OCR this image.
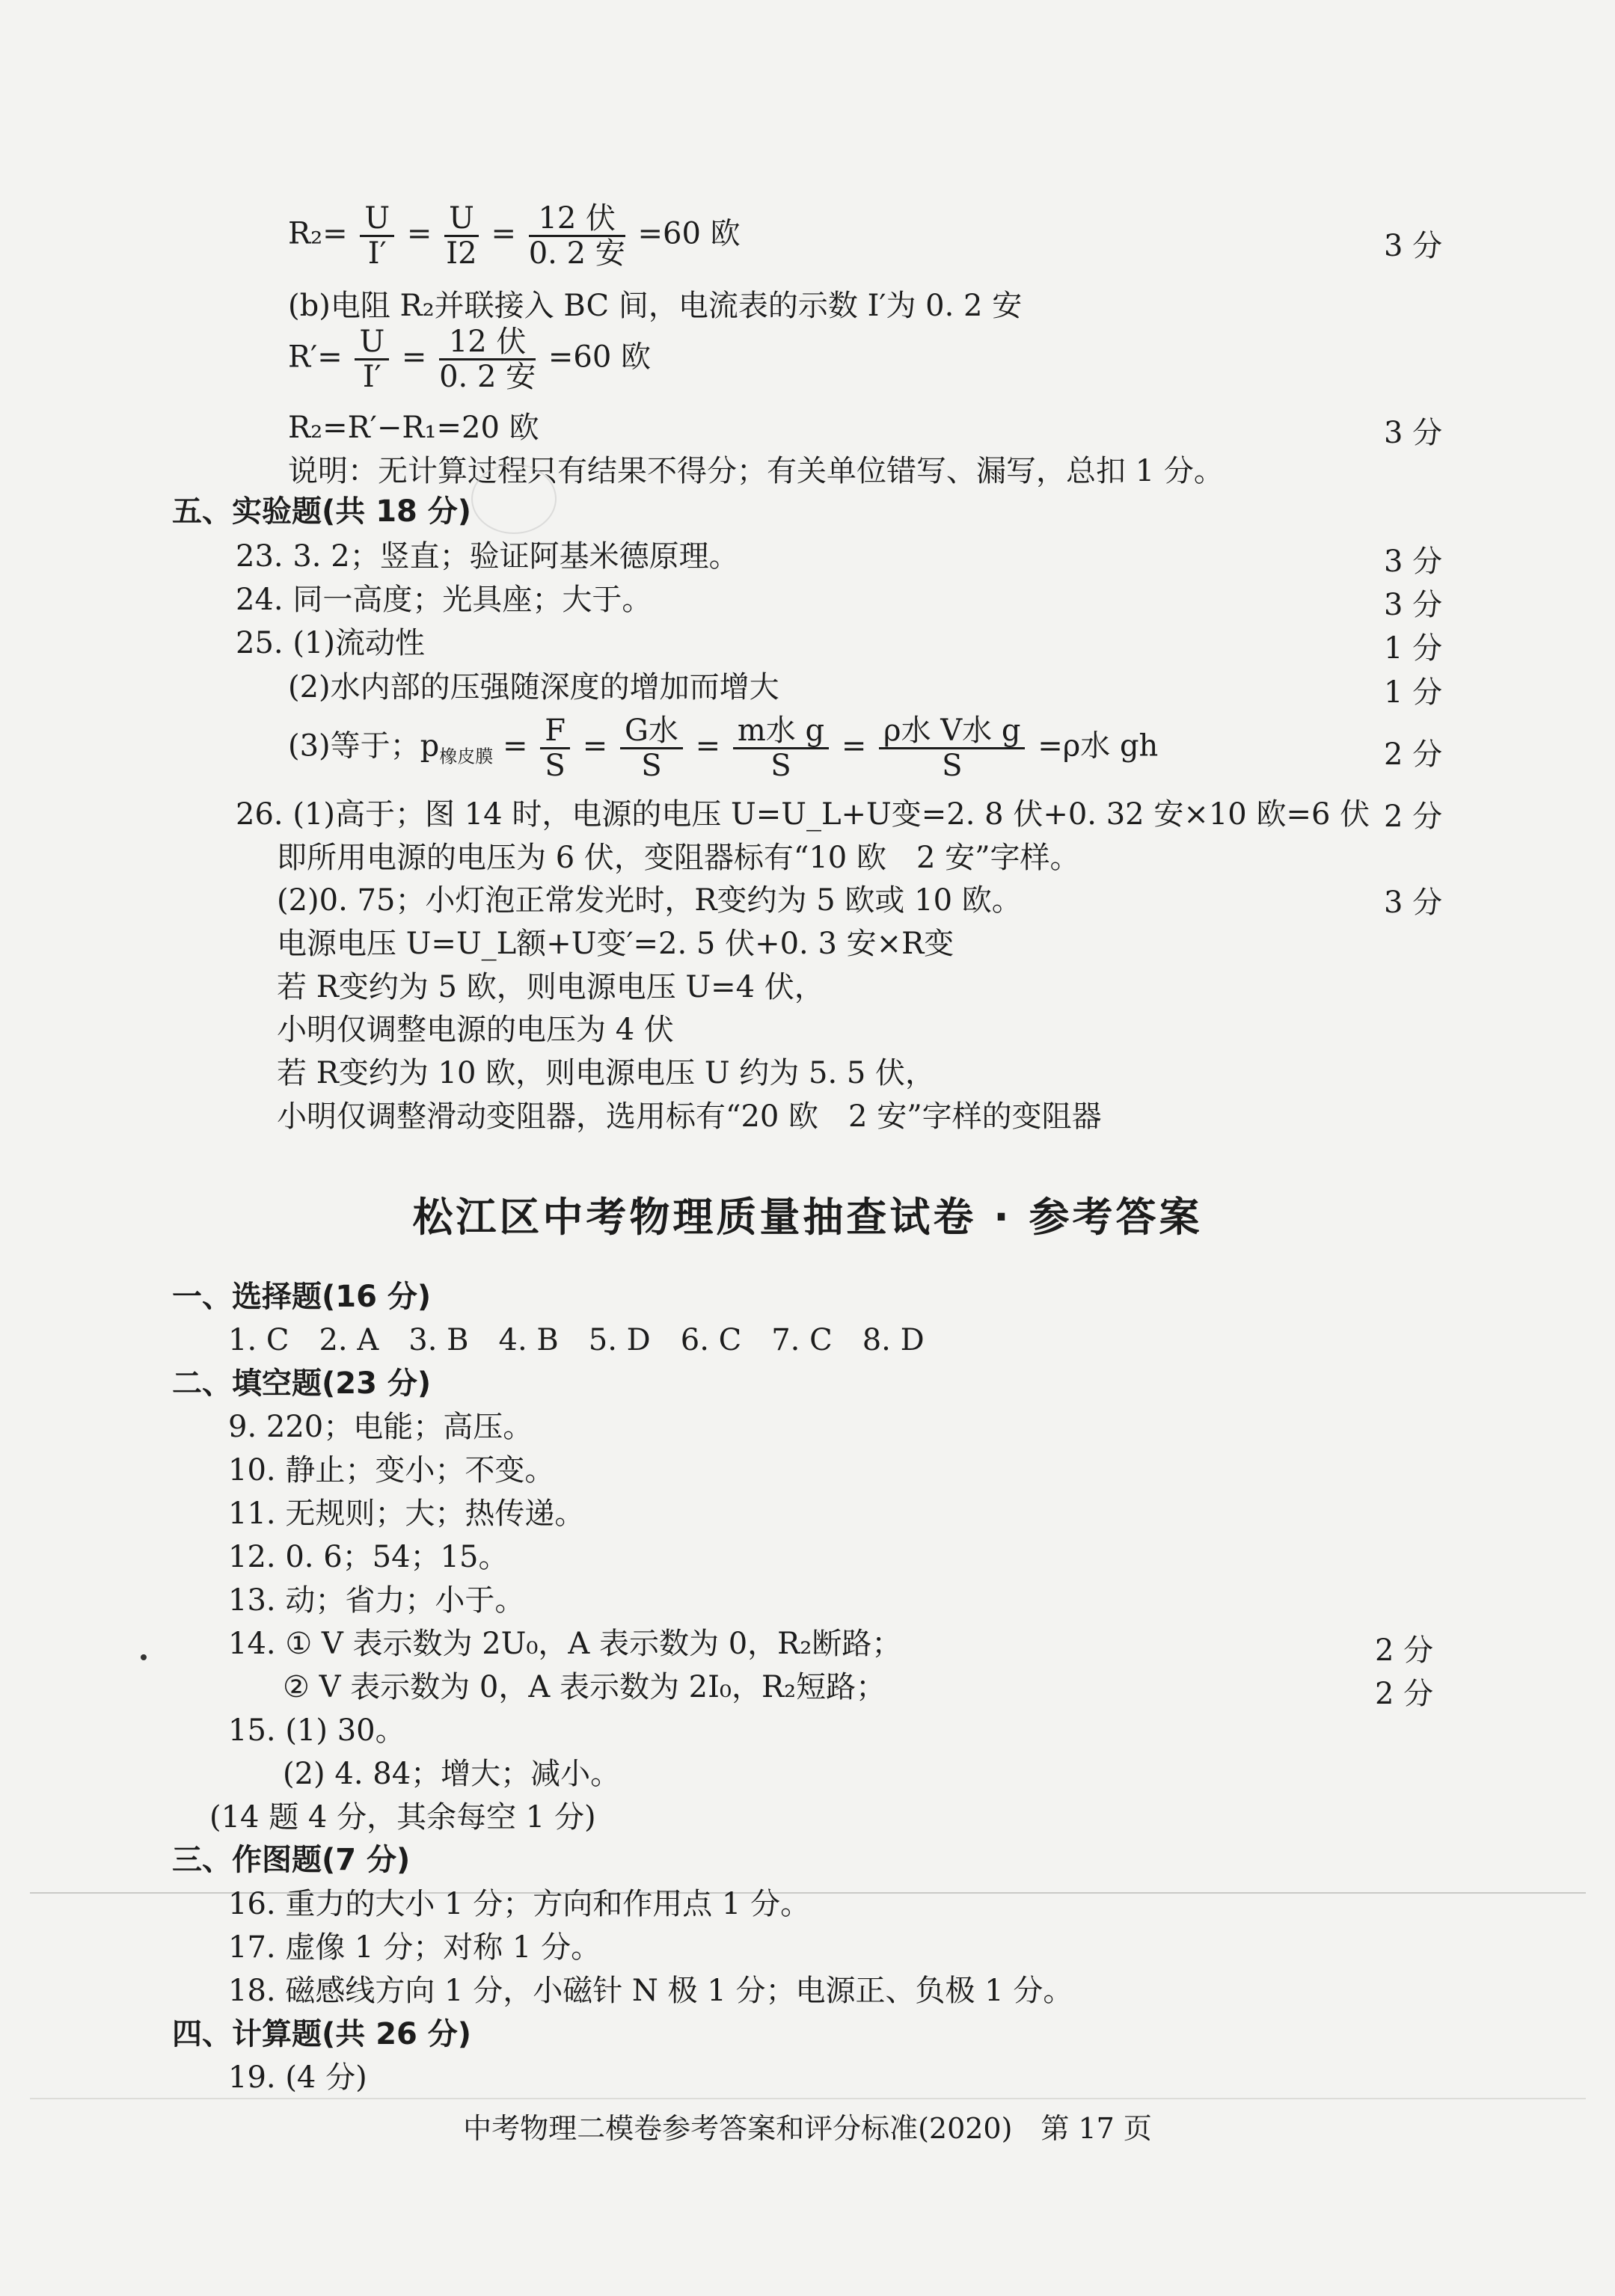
$R_2= \frac{U}{I'} = \frac{U}{I2} = \frac{\text{12 伏}}{\text{0. 2 安}} =60$ 欧	3 分
(b)电阻 R₂并联接入 BC 间，电流表的示数 I′为 0. 2 安
$R'= \frac{U}{I'} = \frac{\text{12 伏}}{\text{0. 2 安}} =60$ 欧
R₂=R′−R₁=20 欧	3 分
说明：无计算过程只有结果不得分；有关单位错写、漏写，总扣 1 分。
五、实验题(共 18 分)
23. 3. 2；竖直；验证阿基米德原理。	3 分
24. 同一高度；光具座；大于。	3 分
25. (1)流动性	1 分
(2)水内部的压强随深度的增加而增大	1 分
(3)等于；$p_{橡皮膜} = \frac{F}{S} = \frac{\text{G水}}{S} = \frac{\text{m水 g}}{S} = \frac{\text{ρ水 V水 g}}{S} =\rho$水 gh	2 分
26. (1)高于；图 14 时，电源的电压 U=U_L+U变=2. 8 伏+0. 32 安×10 欧=6 伏 2 分
即所用电源的电压为 6 伏，变阻器标有“10 欧　2 安”字样。
(2)0. 75；小灯泡正常发光时，R变约为 5 欧或 10 欧。	3 分
电源电压 U=U_L额+U变′=2. 5 伏+0. 3 安×R变
若 R变约为 5 欧，则电源电压 U=4 伏，
小明仅调整电源的电压为 4 伏
若 R变约为 10 欧，则电源电压 U 约为 5. 5 伏，
小明仅调整滑动变阻器，选用标有“20 欧　2 安”字样的变阻器
松江区中考物理质量抽查试卷 · 参考答案
一、选择题(16 分)
1. C　2. A　3. B　4. B　5. D　6. C　7. C　8. D
二、填空题(23 分)
9. 220；电能；高压。
10. 静止；变小；不变。
11. 无规则；大；热传递。
12. 0. 6；54；15。
13. 动；省力；小于。
14. ① V 表示数为 2U₀，A 表示数为 0，R₂断路；	2 分
② V 表示数为 0，A 表示数为 2I₀，R₂短路；	2 分
15. (1) 30。

(2) 4. 84；增大；减小。
(14 题 4 分，其余每空 1 分)
三、作图题(7 分)
16. 重力的大小 1 分；方向和作用点 1 分。
17. 虚像 1 分；对称 1 分。
18. 磁感线方向 1 分，小磁针 N 极 1 分；电源正、负极 1 分。
四、计算题(共 26 分)
19. (4 分)
中考物理二模卷参考答案和评分标准(2020)　第 17 页
